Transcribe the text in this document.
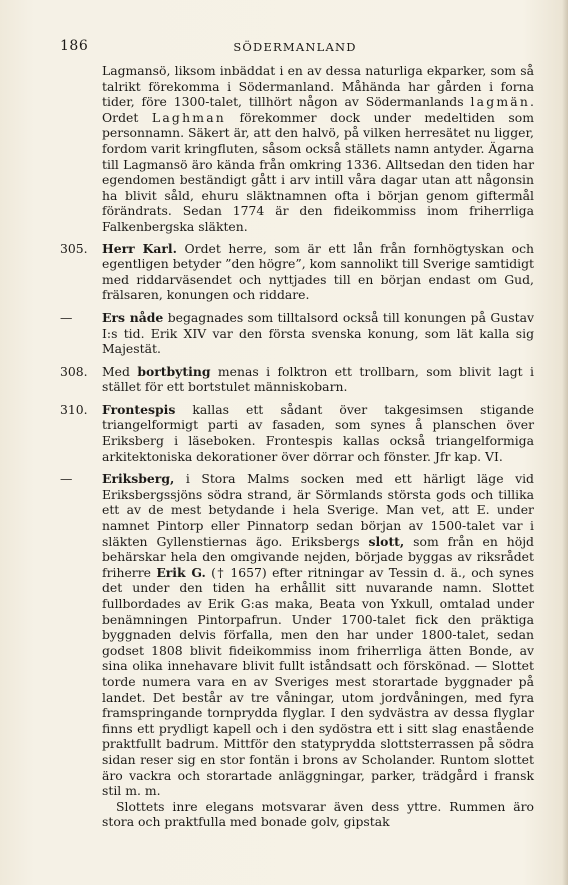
186	SÖDERMANLAND

Lagmansö, liksom inbäddat i en av dessa naturliga ekparker, som så talrikt förekomma i Södermanland. Måhända har gården i forna tider, före 1300-talet, tillhört någon av Södermanlands lagmän. Ordet Laghman förekommer dock under medeltiden som personnamn. Säkert är, att den halvö, på vilken herresätet nu ligger, fordom varit kringfluten, såsom också ställets namn antyder. Ägarna till Lagmansö äro kända från omkring 1336. Alltsedan den tiden har egendomen beständigt gått i arv intill våra dagar utan att någonsin ha blivit såld, ehuru släktnamnen ofta i början genom giftermål förändrats. Sedan 1774 är den fideikommiss inom friherrliga Falkenbergska släkten.

305.	Herr Karl. Ordet herre, som är ett lån från fornhögtyskan och egentligen betyder ”den högre”, kom sannolikt till Sverige samtidigt med riddarväsendet och nyttjades till en början endast om Gud, frälsaren, konungen och riddare.

—	Ers nåde begagnades som tilltalsord också till konungen på Gustav I:s tid. Erik XIV var den första svenska konung, som lät kalla sig Majestät.

308.	Med bortbyting menas i folktron ett trollbarn, som blivit lagt i stället för ett bortstulet människobarn.

310.	Frontespis kallas ett sådant över takgesimsen stigande triangelformigt parti av fasaden, som synes å planschen över Eriksberg i läseboken. Frontespis kallas också triangelformiga arkitektoniska dekorationer över dörrar och fönster. Jfr kap. VI.

—	Eriksberg, i Stora Malms socken med ett härligt läge vid Eriksbergssjöns södra strand, är Sörmlands största gods och tillika ett av de mest betydande i hela Sverige. Man vet, att E. under namnet Pintorp eller Pinnatorp sedan början av 1500-talet var i släkten Gyllenstiernas ägo. Eriksbergs slott, som från en höjd behärskar hela den omgivande nejden, började byggas av riksrådet friherre Erik G. († 1657) efter ritningar av Tessin d. ä., och synes det under den tiden ha erhållit sitt nuvarande namn. Slottet fullbordades av Erik G:as maka, Beata von Yxkull, omtalad under benämningen Pintorpafrun. Under 1700-talet fick den präktiga byggnaden delvis förfalla, men den har under 1800-talet, sedan godset 1808 blivit fideikommiss inom friherrliga ätten Bonde, av sina olika innehavare blivit fullt iståndsatt och förskönad. — Slottet torde numera vara en av Sveriges mest storartade byggnader på landet. Det består av tre våningar, utom jordvåningen, med fyra framspringande tornprydda flyglar. I den sydvästra av dessa flyglar finns ett prydligt kapell och i den sydöstra ett i sitt slag enastående praktfullt badrum. Mittför den statyprydda slottsterrassen på södra sidan reser sig en stor fontän i brons av Scholander. Runtom slottet äro vackra och storartade anläggningar, parker, trädgård i fransk stil m. m.

Slottets inre elegans motsvarar även dess yttre. Rummen äro stora och praktfulla med bonade golv, gipstak
